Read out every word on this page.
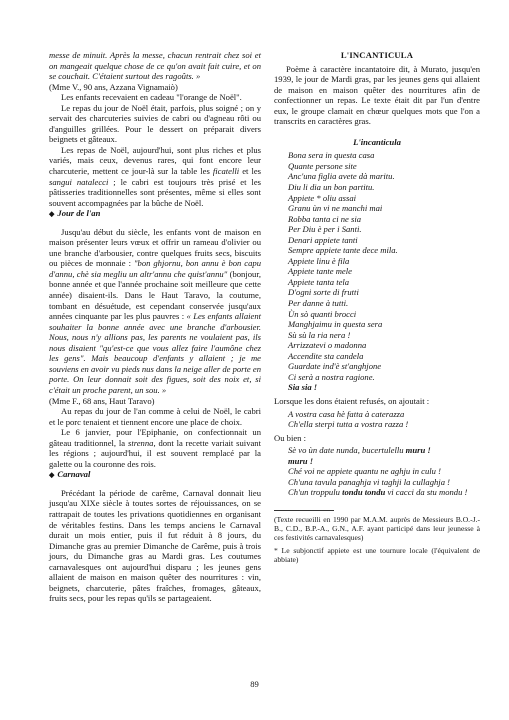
messe de minuit. Après la messe, chacun rentrait chez soi et on mangeait quelque chose de ce qu'on avait fait cuire, et on se couchait. C'étaient surtout des ragoûts. »

(Mme V., 90 ans, Azzana Vignamaiò)

Les enfants recevaient en cadeau "l'orange de Noël".

Le repas du jour de Noël était, parfois, plus soigné ; on y servait des charcuteries suivies de cabri ou d'agneau rôti ou d'anguilles grillées. Pour le dessert on préparait divers beignets et gâteaux.

Les repas de Noël, aujourd'hui, sont plus riches et plus variés, mais ceux, devenus rares, qui font encore leur charcuterie, mettent ce jour-là sur la table les ficatelli et les sangui natalecci ; le cabri est toujours très prisé et les pâtisseries traditionnelles sont présentes, même si elles sont souvent accompagnées par la bûche de Noël.

◆ Jour de l'an

Jusqu'au début du siècle, les enfants vont de maison en maison présenter leurs vœux et offrir un rameau d'olivier ou une branche d'arbousier, contre quelques fruits secs, biscuits ou pièces de monnaie : "bon ghjornu, bon annu è bon capu d'annu, chè sia megliu un altr'annu che quist'annu" (bonjour, bonne année et que l'année prochaine soit meilleure que cette année) disaient-ils. Dans le Haut Taravo, la coutume, tombant en désuétude, est cependant conservée jusqu'aux années cinquante par les plus pauvres : « Les enfants allaient souhaiter la bonne année avec une branche d'arbousier. Nous, nous n'y allions pas, les parents ne voulaient pas, ils nous disaient "qu'est-ce que vous allez faire l'aumône chez les gens". Mais beaucoup d'enfants y allaient ; je me souviens en avoir vu pieds nus dans la neige aller de porte en porte. On leur donnait soit des figues, soit des noix et, si c'était un proche parent, un sou. »

(Mme F., 68 ans, Haut Taravo)

Au repas du jour de l'an comme à celui de Noël, le cabri et le porc tenaient et tiennent encore une place de choix.

Le 6 janvier, pour l'Epiphanie, on confectionnait un gâteau traditionnel, la strenna, dont la recette variait suivant les régions ; aujourd'hui, il est souvent remplacé par la galette ou la couronne des rois.

◆ Carnaval

Précédant la période de carême, Carnaval donnait lieu jusqu'au XIXe siècle à toutes sortes de réjouissances, on se rattrapait de toutes les privations quotidiennes en organisant de véritables festins. Dans les temps anciens le Carnaval durait un mois entier, puis il fut réduit à 8 jours, du Dimanche gras au premier Dimanche de Carême, puis à trois jours, du Dimanche gras au Mardi gras. Les coutumes carnavalesques ont aujourd'hui disparu ; les jeunes gens allaient de maison en maison quêter des nourritures : vin, beignets, charcuterie, pâtes fraîches, fromages, gâteaux, fruits secs, pour les repas qu'ils se partageaient.

L'INCANTICULA

Poème à caractère incantatoire dit, à Murato, jusqu'en 1939, le jour de Mardi gras, par les jeunes gens qui allaient de maison en maison quêter des nourritures afin de confectionner un repas. Le texte était dit par l'un d'entre eux, le groupe clamait en chœur quelques mots que l'on a transcrits en caractères gras.

L'incanticula
Bona sera in questa casa
Quante persone site
Anc'una figlia avete dà maritu.
Diu li dia un bon partitu.
Appiete * oliu assai
Granu ùn vi ne manchi mai
Robba tanta ci ne sia
Per Diu è per i Santi.
Denari appiete tanti
Sempre appiete tante dece mila.
Appiete linu è fila
Appiete tante mele
Appiete tanta tela
D'ogni sorte di frutti
Per danne à tutti.
Ùn sò quanti brocci
Manghjaimu in questa sera
Sù sù la ria nera !
Arrizzatevi o madonna
Accendite sta candela
Guardate ind'è st'anghjone
Ci serà a nostra ragione.
Sia sia !

Lorsque les dons étaient refusés, on ajoutait :

A vostra casa hè fatta à caterazza
Ch'ella sterpi tutta a vostra razza !

Ou bien :

Sè vo ùn date nunda, bucertulellu muru !
muru !
Ché voi ne appiete quantu ne aghju in culu !
Ch'una tavula panaghja vi taghji la cullaghja !
Ch'un troppulu tondu tondu vi cacci da stu mondu !

(Texte recueilli en 1990 par M.A.M. auprès de Messieurs B.O.-J.-B., C.D., B.P.-A., G.N., A.F. ayant participé dans leur jeunesse à ces festivités carnavalesques)

* Le subjonctif appiete est une tournure locale (l'équivalent de abbiate)

89
